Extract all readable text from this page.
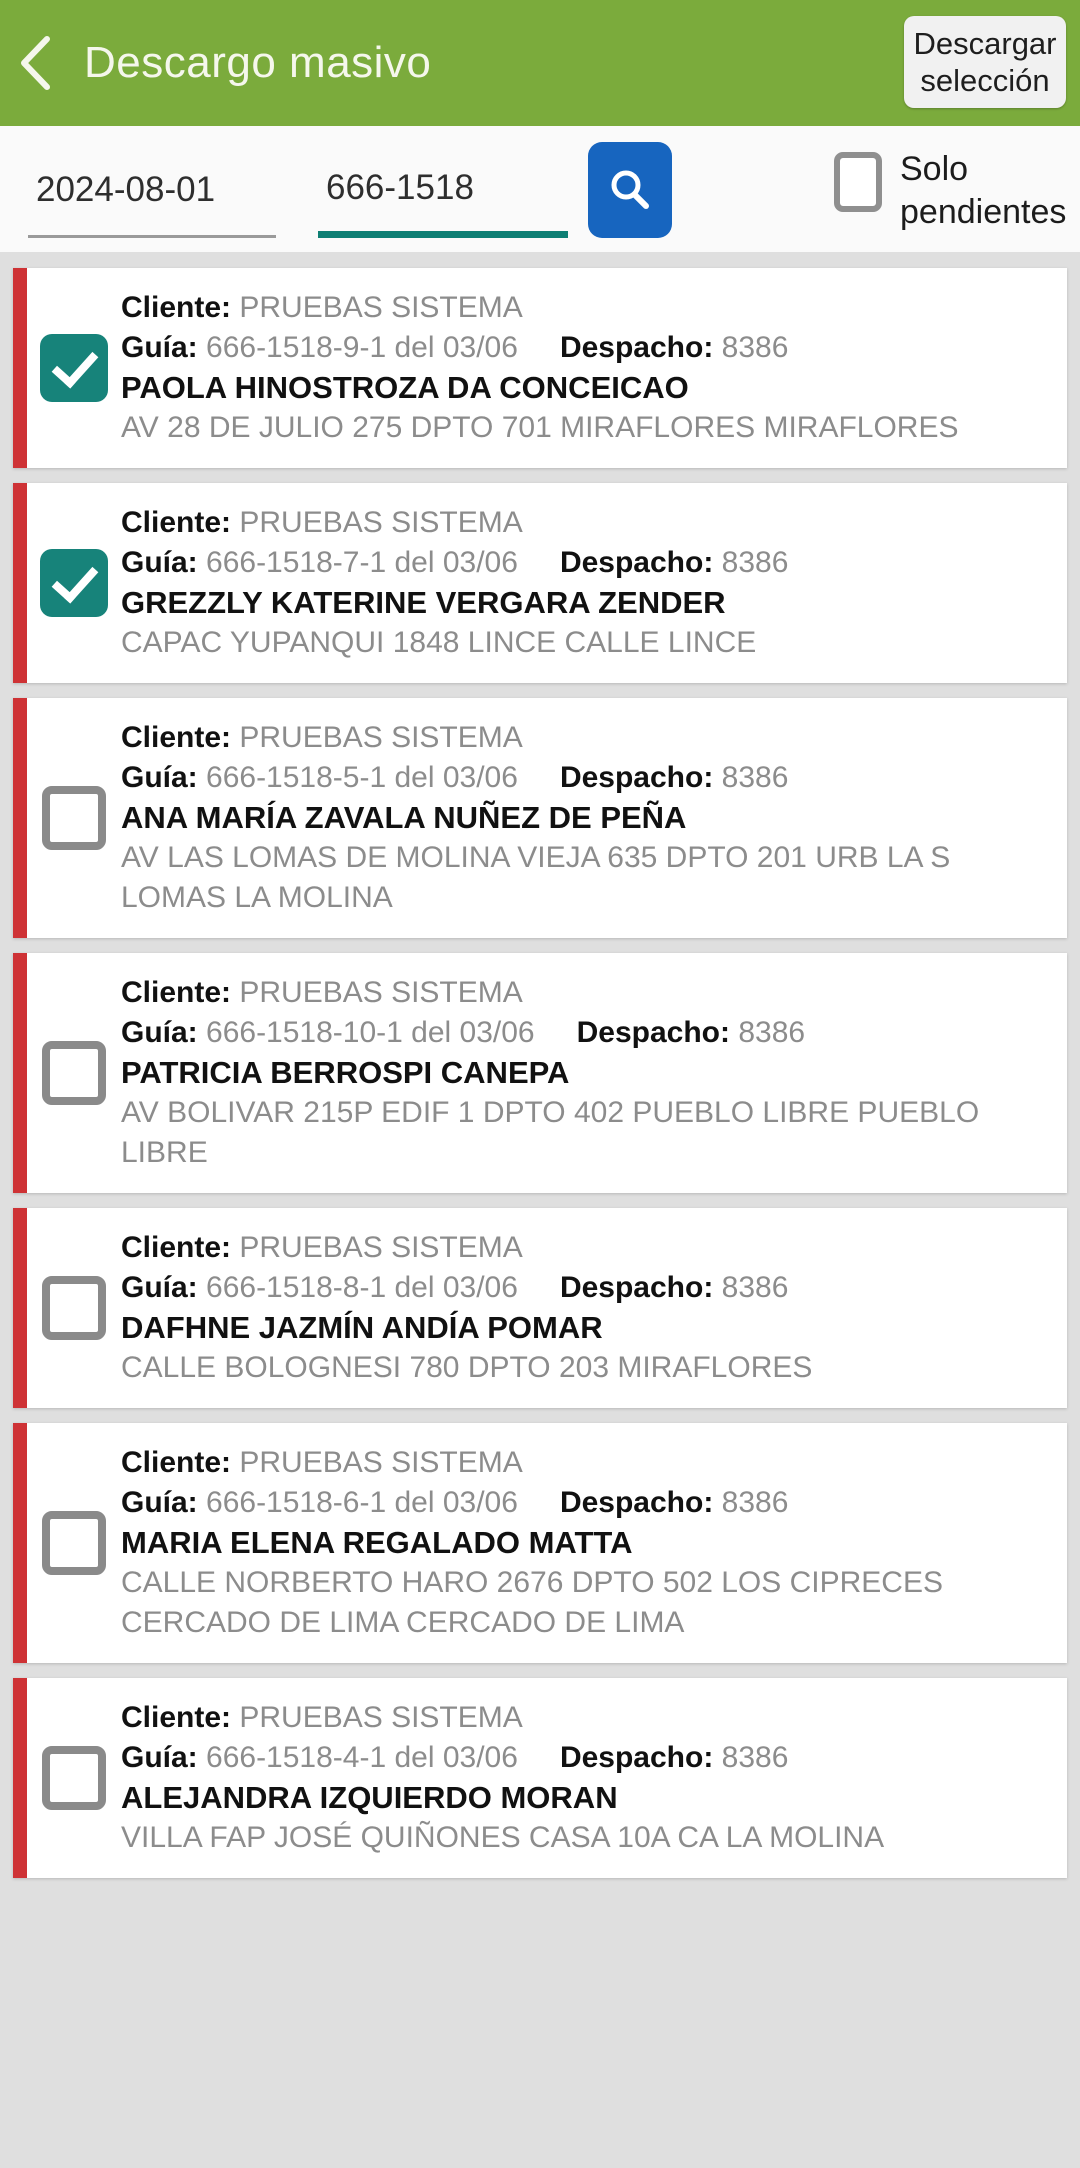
Descargo masivo	Descargar selección
2024-08-01	666-1518	Solo pendientes
Cliente: PRUEBAS SISTEMA
Guía: 666-1518-9-1 del 03/06 Despacho: 8386
PAOLA HINOSTROZA DA CONCEICAO
AV 28 DE JULIO 275 DPTO 701 MIRAFLORES MIRAFLORES
Cliente: PRUEBAS SISTEMA
Guía: 666-1518-7-1 del 03/06 Despacho: 8386
GREZZLY KATERINE VERGARA ZENDER
CAPAC YUPANQUI 1848 LINCE CALLE LINCE
Cliente: PRUEBAS SISTEMA
Guía: 666-1518-5-1 del 03/06 Despacho: 8386
ANA MARÍA ZAVALA NUÑEZ DE PEÑA
AV LAS LOMAS DE MOLINA VIEJA 635 DPTO 201 URB LA S LOMAS LA MOLINA
Cliente: PRUEBAS SISTEMA
Guía: 666-1518-10-1 del 03/06 Despacho: 8386
PATRICIA BERROSPI CANEPA
AV BOLIVAR 215P EDIF 1 DPTO 402 PUEBLO LIBRE PUEBLO LIBRE
Cliente: PRUEBAS SISTEMA
Guía: 666-1518-8-1 del 03/06 Despacho: 8386
DAFHNE JAZMÍN ANDÍA POMAR
CALLE BOLOGNESI 780 DPTO 203 MIRAFLORES
Cliente: PRUEBAS SISTEMA
Guía: 666-1518-6-1 del 03/06 Despacho: 8386
MARIA ELENA REGALADO MATTA
CALLE NORBERTO HARO 2676 DPTO 502 LOS CIPRECES CERCADO DE LIMA CERCADO DE LIMA
Cliente: PRUEBAS SISTEMA
Guía: 666-1518-4-1 del 03/06 Despacho: 8386
ALEJANDRA IZQUIERDO MORAN
VILLA FAP JOSÉ QUIÑONES CASA 10A CA LA MOLINA
